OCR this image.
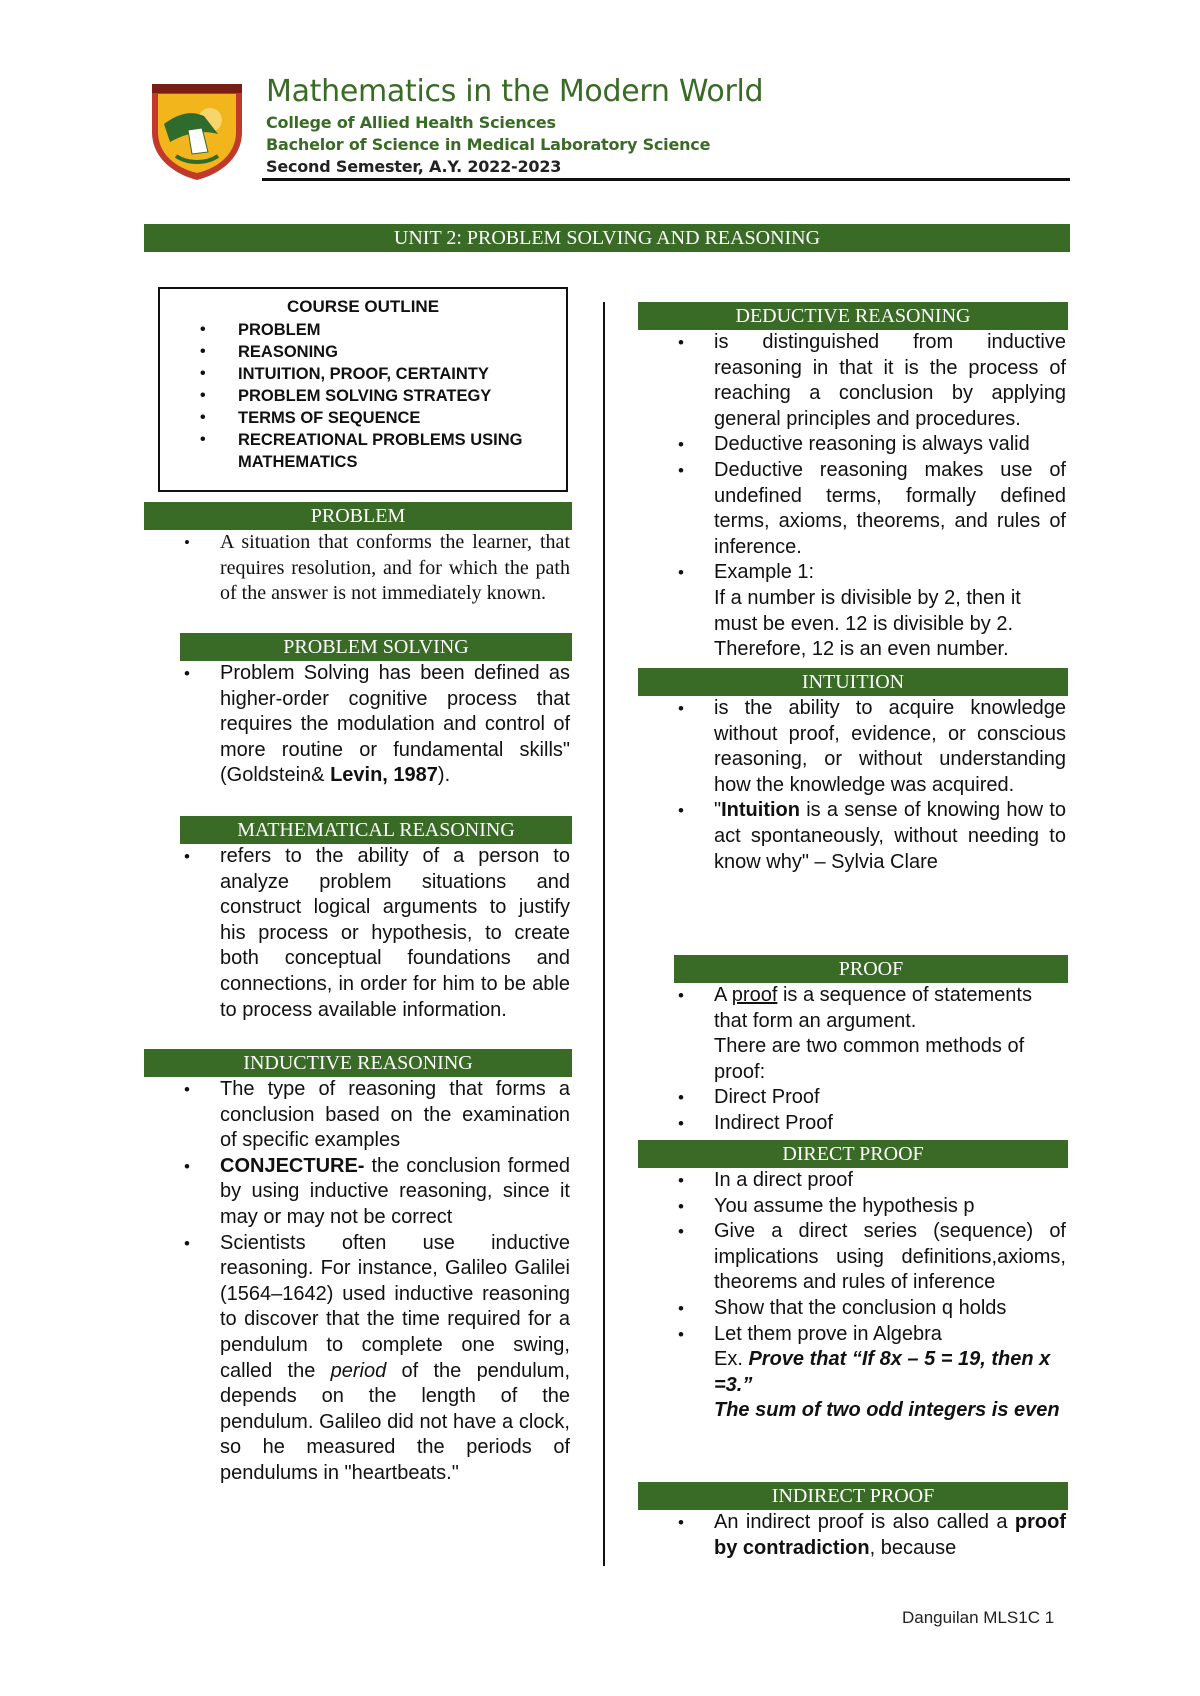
Mathematics in the Modern World
College of Allied Health Sciences
Bachelor of Science in Medical Laboratory Science
Second Semester, A.Y. 2022-2023
UNIT 2: PROBLEM SOLVING AND REASONING
COURSE OUTLINE
• PROBLEM
• REASONING
• INTUITION, PROOF, CERTAINTY
• PROBLEM SOLVING STRATEGY
• TERMS OF SEQUENCE
• RECREATIONAL PROBLEMS USING MATHEMATICS
PROBLEM
• A situation that conforms the learner, that requires resolution, and for which the path of the answer is not immediately known.
PROBLEM SOLVING
• Problem Solving has been defined as higher-order cognitive process that requires the modulation and control of more routine or fundamental skills" (Goldstein& Levin, 1987).
MATHEMATICAL REASONING
• refers to the ability of a person to analyze problem situations and construct logical arguments to justify his process or hypothesis, to create both conceptual foundations and connections, in order for him to be able to process available information.
INDUCTIVE REASONING
• The type of reasoning that forms a conclusion based on the examination of specific examples
• CONJECTURE- the conclusion formed by using inductive reasoning, since it may or may not be correct
• Scientists often use inductive reasoning. For instance, Galileo Galilei (1564–1642) used inductive reasoning to discover that the time required for a pendulum to complete one swing, called the period of the pendulum, depends on the length of the pendulum. Galileo did not have a clock, so he measured the periods of pendulums in "heartbeats."
DEDUCTIVE REASONING
• is distinguished from inductive reasoning in that it is the process of reaching a conclusion by applying general principles and procedures.
• Deductive reasoning is always valid
• Deductive reasoning makes use of undefined terms, formally defined terms, axioms, theorems, and rules of inference.
• Example 1:
If a number is divisible by 2, then it must be even. 12 is divisible by 2. Therefore, 12 is an even number.
INTUITION
• is the ability to acquire knowledge without proof, evidence, or conscious reasoning, or without understanding how the knowledge was acquired.
• "Intuition is a sense of knowing how to act spontaneously, without needing to know why" – Sylvia Clare
PROOF
• A proof is a sequence of statements that form an argument.
There are two common methods of proof:
• Direct Proof
• Indirect Proof
DIRECT PROOF
• In a direct proof
• You assume the hypothesis p
• Give a direct series (sequence) of implications using definitions,axioms, theorems and rules of inference
• Show that the conclusion q holds
• Let them prove in Algebra
Ex. Prove that “If 8x – 5 = 19, then x =3.”
The sum of two odd integers is even
INDIRECT PROOF
• An indirect proof is also called a proof by contradiction, because
Danguilan MLS1C 1
